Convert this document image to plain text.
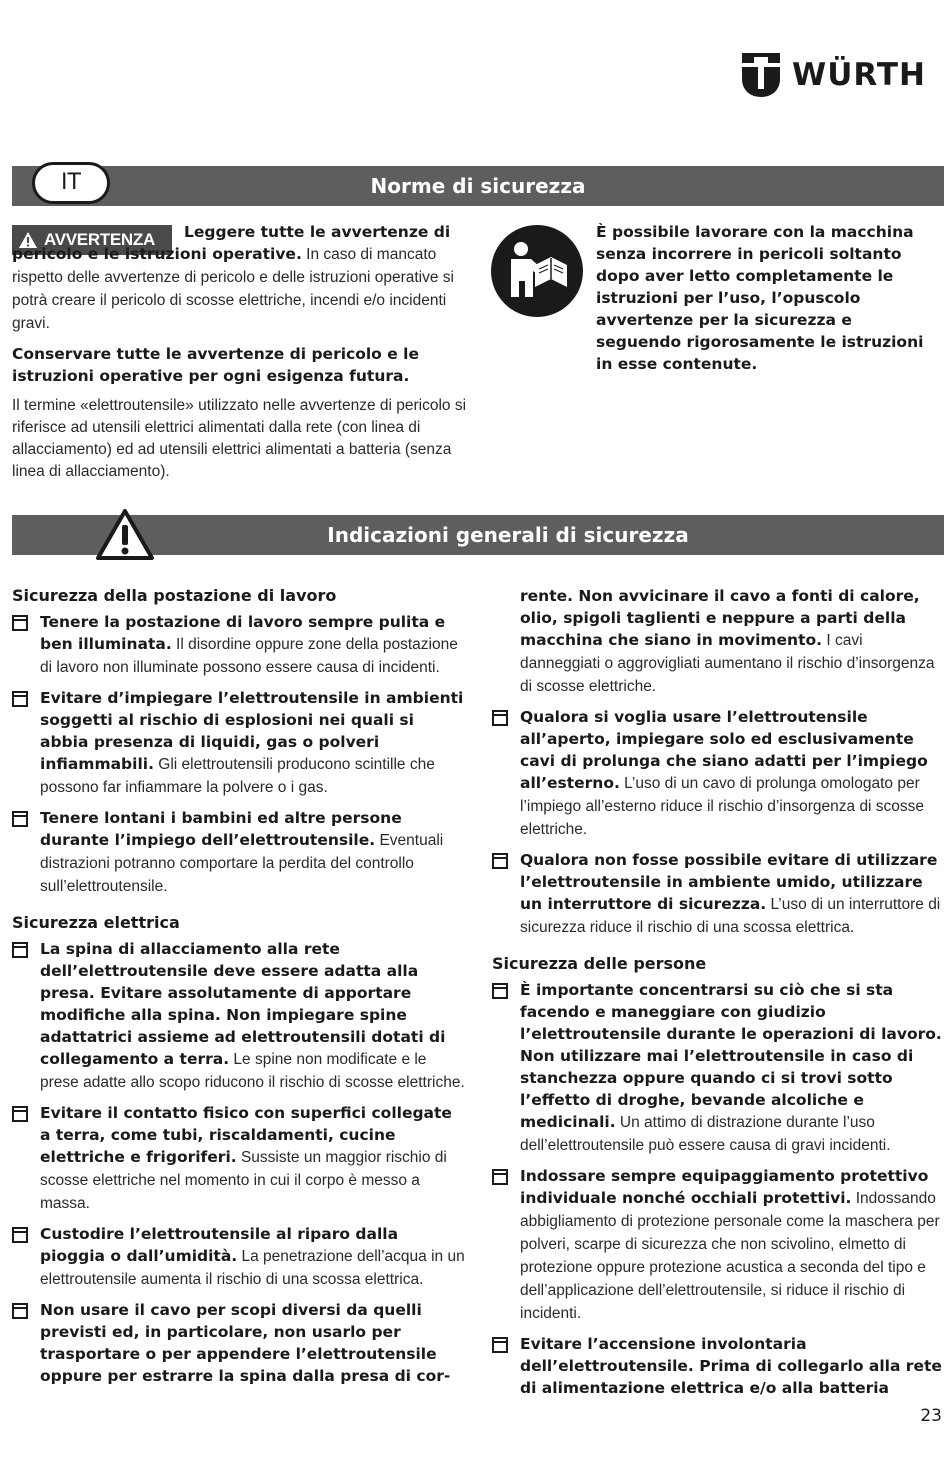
WÜRTH
IT	Norme di sicurezza
AVVERTENZA	Leggere tutte le avvertenze di pericolo e le istruzioni operative. In caso di mancato rispetto delle avvertenze di pericolo e delle istruzioni operative si potrà creare il pericolo di scosse elettriche, incendi e/o incidenti gravi.

Conservare tutte le avvertenze di pericolo e le istruzioni operative per ogni esigenza futura.

Il termine «elettroutensile» utilizzato nelle avvertenze di pericolo si riferisce ad utensili elettrici alimentati dalla rete (con linea di allacciamento) ed ad utensili elettrici alimentati a batteria (senza linea di allacciamento).

È possibile lavorare con la macchina senza incorrere in pericoli soltanto dopo aver letto completamente le istruzioni per l’uso, l’opuscolo avvertenze per la sicurezza e seguendo rigorosamente le istruzioni in esse contenute.
Indicazioni generali di sicurezza
Sicurezza della postazione di lavoro
Tenere la postazione di lavoro sempre pulita e ben illuminata. Il disordine oppure zone della postazione di lavoro non illuminate possono essere causa di incidenti.
Evitare d’impiegare l’elettroutensile in ambienti soggetti al rischio di esplosioni nei quali si abbia presenza di liquidi, gas o polveri infiammabili. Gli elettroutensili producono scintille che possono far infiammare la polvere o i gas.
Tenere lontani i bambini ed altre persone durante l’impiego dell’elettroutensile. Eventuali distrazioni potranno comportare la perdita del controllo sull’elettroutensile.
Sicurezza elettrica
La spina di allacciamento alla rete dell’elettroutensile deve essere adatta alla presa. Evitare assolutamente di apportare modifiche alla spina. Non impiegare spine adattatrici assieme ad elettroutensili dotati di collegamento a terra. Le spine non modificate e le prese adatte allo scopo riducono il rischio di scosse elettriche.
Evitare il contatto fisico con superfici collegate a terra, come tubi, riscaldamenti, cucine elettriche e frigoriferi. Sussiste un maggior rischio di scosse elettriche nel momento in cui il corpo è messo a massa.
Custodire l’elettroutensile al riparo dalla pioggia o dall’umidità. La penetrazione dell’acqua in un elettroutensile aumenta il rischio di una scossa elettrica.
Non usare il cavo per scopi diversi da quelli previsti ed, in particolare, non usarlo per trasportare o per appendere l’elettroutensile oppure per estrarre la spina dalla presa di cor-
rente. Non avvicinare il cavo a fonti di calore, olio, spigoli taglienti e neppure a parti della macchina che siano in movimento. I cavi danneggiati o aggrovigliati aumentano il rischio d’insorgenza di scosse elettriche.
Qualora si voglia usare l’elettroutensile all’aperto, impiegare solo ed esclusivamente cavi di prolunga che siano adatti per l’impiego all’esterno. L’uso di un cavo di prolunga omologato per l’impiego all’esterno riduce il rischio d’insorgenza di scosse elettriche.
Qualora non fosse possibile evitare di utilizzare l’elettroutensile in ambiente umido, utilizzare un interruttore di sicurezza. L’uso di un interruttore di sicurezza riduce il rischio di una scossa elettrica.
Sicurezza delle persone
È importante concentrarsi su ciò che si sta facendo e maneggiare con giudizio l’elettroutensile durante le operazioni di lavoro. Non utilizzare mai l’elettroutensile in caso di stanchezza oppure quando ci si trovi sotto l’effetto di droghe, bevande alcoliche e medicinali. Un attimo di distrazione durante l’uso dell’elettroutensile può essere causa di gravi incidenti.
Indossare sempre equipaggiamento protettivo individuale nonché occhiali protettivi. Indossando abbigliamento di protezione personale come la maschera per polveri, scarpe di sicurezza che non scivolino, elmetto di protezione oppure protezione acustica a seconda del tipo e dell’applicazione dell’elettroutensile, si riduce il rischio di incidenti.
Evitare l’accensione involontaria dell’elettroutensile. Prima di collegarlo alla rete di alimentazione elettrica e/o alla batteria
23
